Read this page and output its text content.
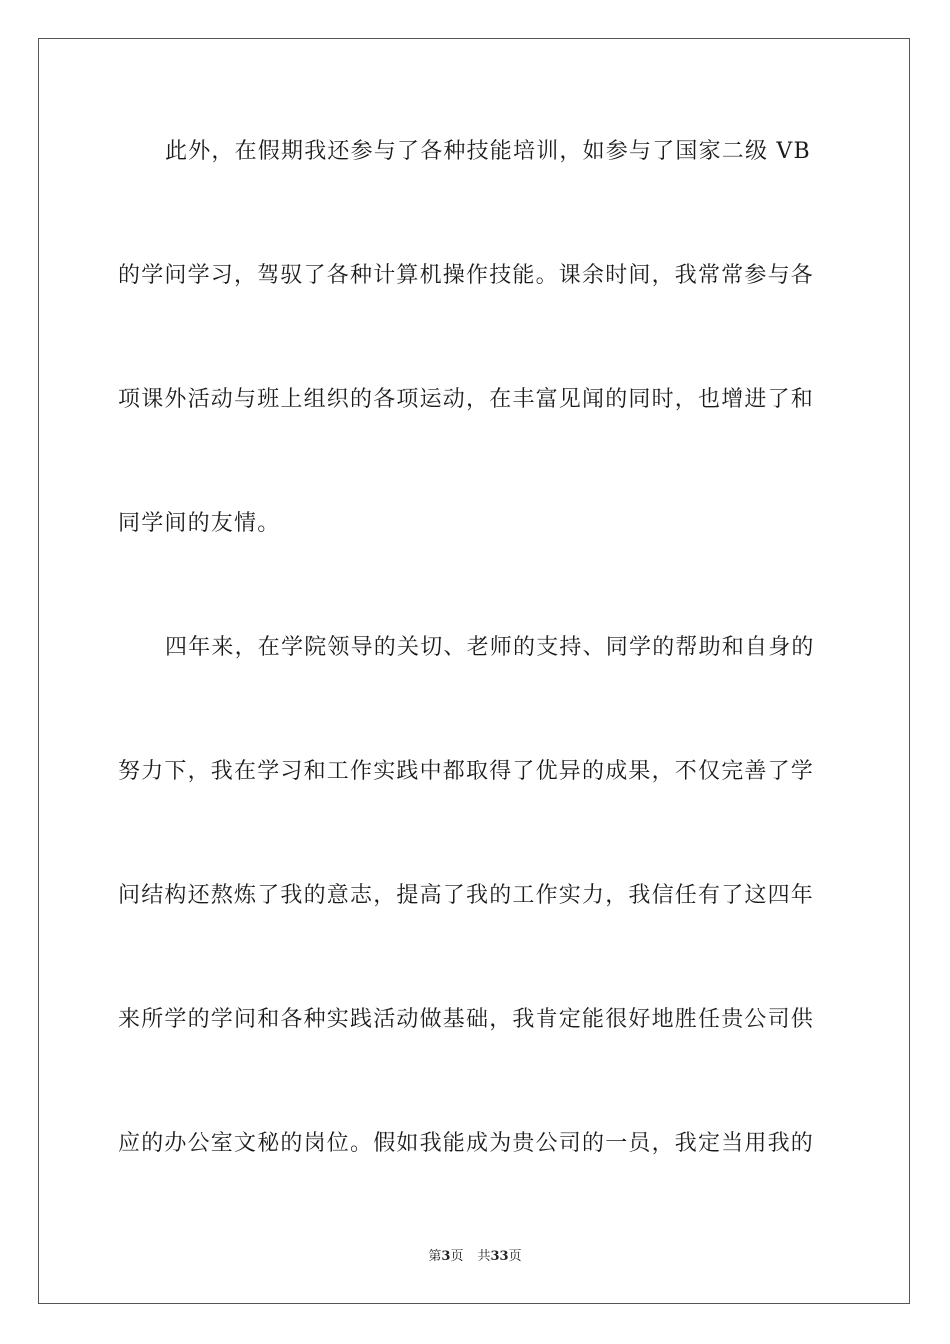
此外，在假期我还参与了各种技能培训，如参与了国家二级 VB
的学问学习，驾驭了各种计算机操作技能。课余时间，我常常参与各
项课外活动与班上组织的各项运动，在丰富见闻的同时，也增进了和
同学间的友情。
四年来，在学院领导的关切、老师的支持、同学的帮助和自身的
努力下，我在学习和工作实践中都取得了优异的成果，不仅完善了学
问结构还熬炼了我的意志，提高了我的工作实力，我信任有了这四年
来所学的学问和各种实践活动做基础，我肯定能很好地胜任贵公司供
应的办公室文秘的岗位。假如我能成为贵公司的一员，我定当用我的
第3页 共33页
